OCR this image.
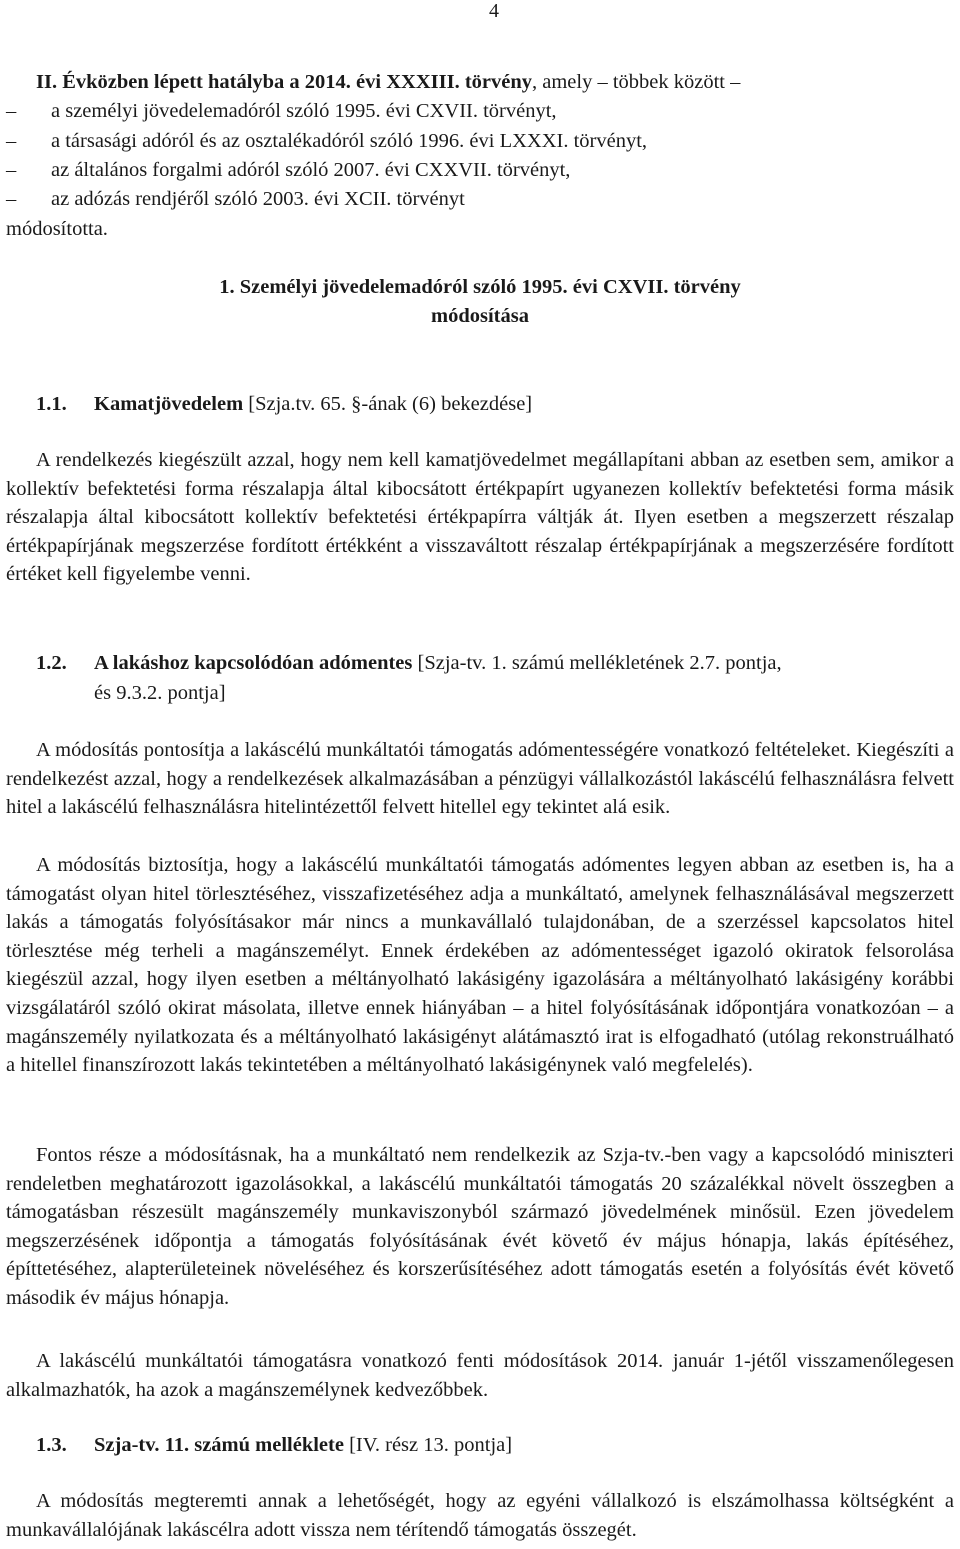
4
II. Évközben lépett hatályba a 2014. évi XXXIII. törvény, amely – többek között –
– a személyi jövedelemadóról szóló 1995. évi CXVII. törvényt,
– a társasági adóról és az osztalékadóról szóló 1996. évi LXXXI. törvényt,
– az általános forgalmi adóról szóló 2007. évi CXXVII. törvényt,
– az adózás rendjéről szóló 2003. évi XCII. törvényt
módosította.
1. Személyi jövedelemadóról szóló 1995. évi CXVII. törvény
módosítása
1.1. Kamatjövedelem [Szja.tv. 65. §-ának (6) bekezdése]
A rendelkezés kiegészült azzal, hogy nem kell kamatjövedelmet megállapítani abban az esetben sem, amikor a kollektív befektetési forma részalapja által kibocsátott értékpapírt ugyanezen kollektív befektetési forma másik részalapja által kibocsátott kollektív befektetési értékpapírra váltják át. Ilyen esetben a megszerzett részalap értékpapírjának megszerzése fordított értékként a visszaváltott részalap értékpapírjának a megszerzésére fordított értéket kell figyelembe venni.
1.2. A lakáshoz kapcsolódóan adómentes [Szja-tv. 1. számú mellékletének 2.7. pontja,
és 9.3.2. pontja]
A módosítás pontosítja a lakáscélú munkáltatói támogatás adómentességére vonatkozó feltételeket. Kiegészíti a rendelkezést azzal, hogy a rendelkezések alkalmazásában a pénzügyi vállalkozástól lakáscélú felhasználásra felvett hitel a lakáscélú felhasználásra hitelintézettől felvett hitellel egy tekintet alá esik.
A módosítás biztosítja, hogy a lakáscélú munkáltatói támogatás adómentes legyen abban az esetben is, ha a támogatást olyan hitel törlesztéséhez, visszafizetéséhez adja a munkáltató, amelynek felhasználásával megszerzett lakás a támogatás folyósításakor már nincs a munkavállaló tulajdonában, de a szerzéssel kapcsolatos hitel törlesztése még terheli a magánszemélyt. Ennek érdekében az adómentességet igazoló okiratok felsorolása kiegészül azzal, hogy ilyen esetben a méltányolható lakásigény igazolására a méltányolható lakásigény korábbi vizsgálatáról szóló okirat másolata, illetve ennek hiányában – a hitel folyósításának időpontjára vonatkozóan – a magánszemély nyilatkozata és a méltányolható lakásigényt alátámasztó irat is elfogadható (utólag rekonstruálható a hitellel finanszírozott lakás tekintetében a méltányolható lakásigénynek való megfelelés).
Fontos része a módosításnak, ha a munkáltató nem rendelkezik az Szja-tv.-ben vagy a kapcsolódó miniszteri rendeletben meghatározott igazolásokkal, a lakáscélú munkáltatói támogatás 20 százalékkal növelt összegben a támogatásban részesült magánszemély munkaviszonyból származó jövedelmének minősül. Ezen jövedelem megszerzésének időpontja a támogatás folyósításának évét követő év május hónapja, lakás építéséhez, építtetéséhez, alapterületeinek növeléséhez és korszerűsítéséhez adott támogatás esetén a folyósítás évét követő második év május hónapja.
A lakáscélú munkáltatói támogatásra vonatkozó fenti módosítások 2014. január 1-jétől visszamenőlegesen alkalmazhatók, ha azok a magánszemélynek kedvezőbbek.
1.3. Szja-tv. 11. számú melléklete [IV. rész 13. pontja]
A módosítás megteremti annak a lehetőségét, hogy az egyéni vállalkozó is elszámolhassa költségként a munkavállalójának lakáscélra adott vissza nem térítendő támogatás összegét.
